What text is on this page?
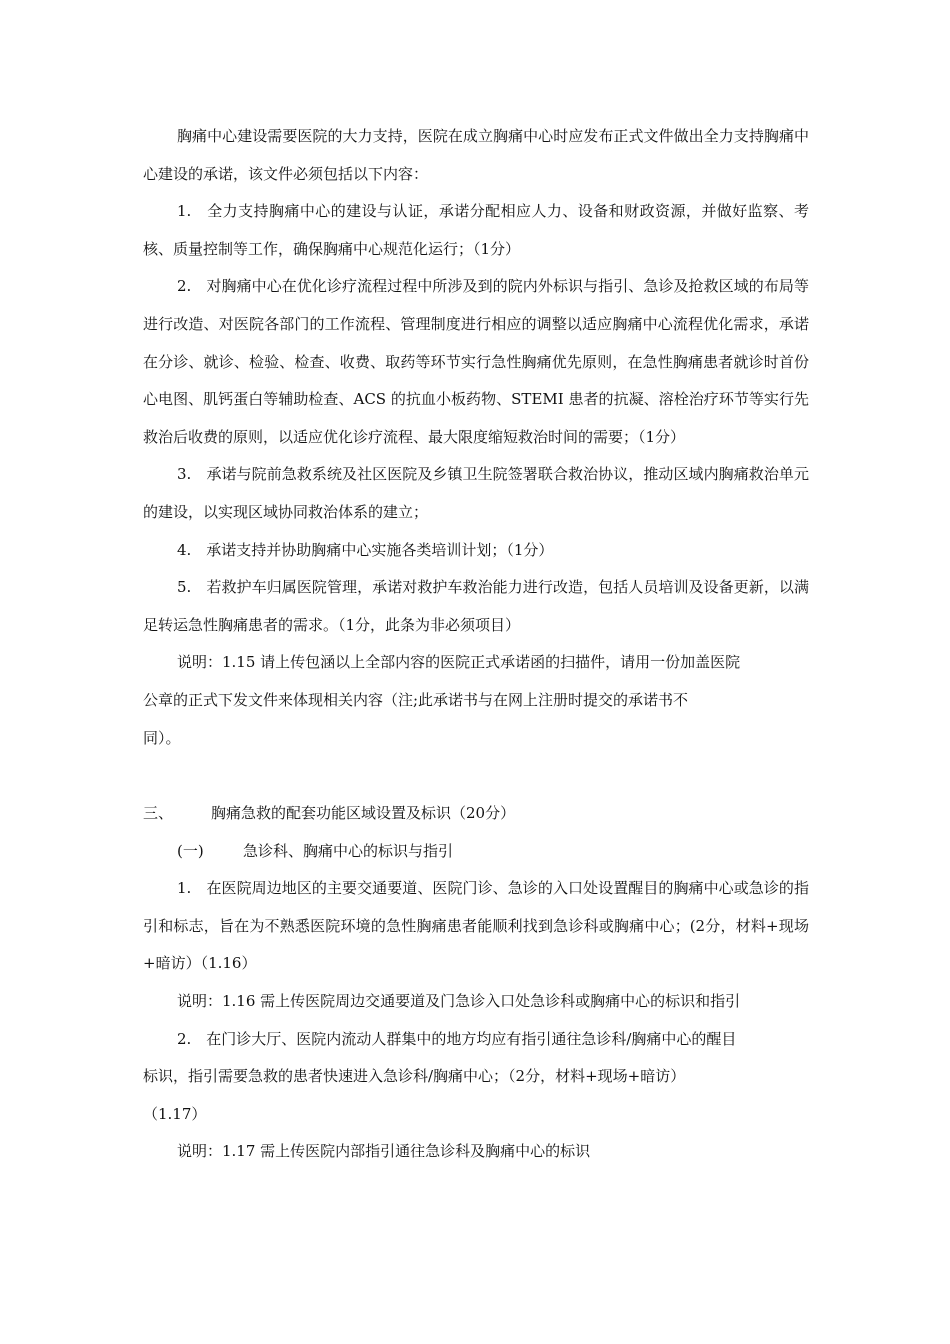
胸痛中心建设需要医院的大力支持，医院在成立胸痛中心时应发布正式文件做出全力支持胸痛中心建设的承诺，该文件必须包括以下内容：

1.　全力支持胸痛中心的建设与认证，承诺分配相应人力、设备和财政资源，并做好监察、考核、质量控制等工作，确保胸痛中心规范化运行；（1分）

2.　对胸痛中心在优化诊疗流程过程中所涉及到的院内外标识与指引、急诊及抢救区域的布局等进行改造、对医院各部门的工作流程、管理制度进行相应的调整以适应胸痛中心流程优化需求，承诺在分诊、就诊、检验、检查、收费、取药等环节实行急性胸痛优先原则，在急性胸痛患者就诊时首份心电图、肌钙蛋白等辅助检查、ACS 的抗血小板药物、STEMI 患者的抗凝、溶栓治疗环节等实行先救治后收费的原则，以适应优化诊疗流程、最大限度缩短救治时间的需要；（1分）

3.　承诺与院前急救系统及社区医院及乡镇卫生院签署联合救治协议，推动区域内胸痛救治单元的建设，以实现区域协同救治体系的建立；

4.　承诺支持并协助胸痛中心实施各类培训计划；（1分）

5.　若救护车归属医院管理，承诺对救护车救治能力进行改造，包括人员培训及设备更新，以满足转运急性胸痛患者的需求。（1分，此条为非必须项目）

说明：1.15 请上传包涵以上全部内容的医院正式承诺函的扫描件，请用一份加盖医院

公章的正式下发文件来体现相关内容（注;此承诺书与在网上注册时提交的承诺书不

同）。

三、	胸痛急救的配套功能区域设置及标识（20分）
(一)	急诊科、胸痛中心的标识与指引

1.　在医院周边地区的主要交通要道、医院门诊、急诊的入口处设置醒目的胸痛中心或急诊的指引和标志，旨在为不熟悉医院环境的急性胸痛患者能顺利找到急诊科或胸痛中心；(2分，材料+现场+暗访）（1.16）

说明：1.16 需上传医院周边交通要道及门急诊入口处急诊科或胸痛中心的标识和指引

2.　在门诊大厅、医院内流动人群集中的地方均应有指引通往急诊科/胸痛中心的醒目

标识，指引需要急救的患者快速进入急诊科/胸痛中心；（2分，材料+现场+暗访）

（1.17）

说明：1.17 需上传医院内部指引通往急诊科及胸痛中心的标识
